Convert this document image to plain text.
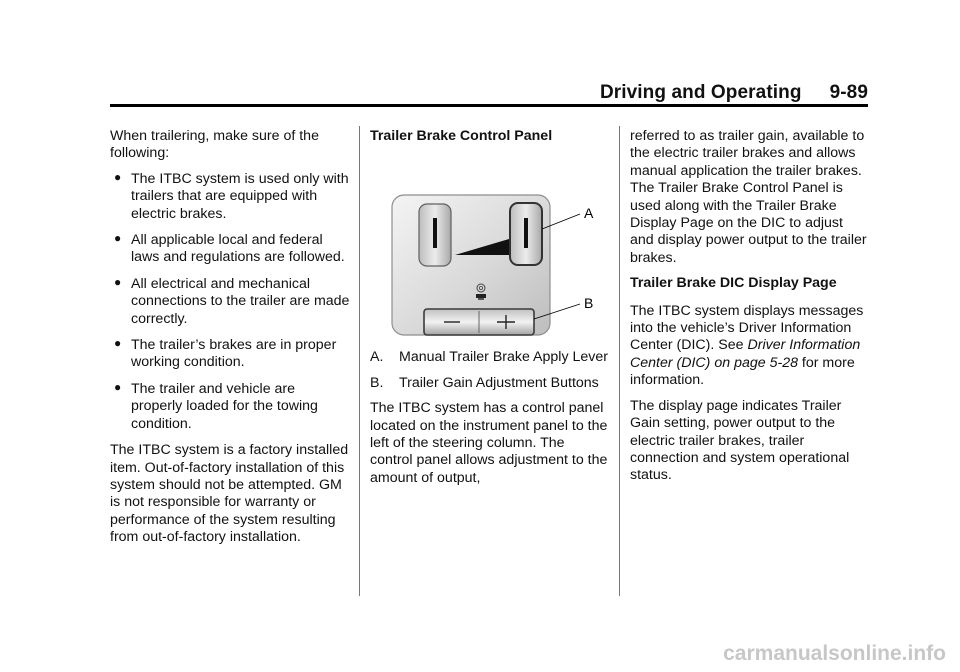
Driving and Operating 9-89

When trailering, make sure of the following:

● The ITBC system is used only with trailers that are equipped with electric brakes.
● All applicable local and federal laws and regulations are followed.
● All electrical and mechanical connections to the trailer are made correctly.
● The trailer’s brakes are in proper working condition.
● The trailer and vehicle are properly loaded for the towing condition.

The ITBC system is a factory installed item. Out-of-factory installation of this system should not be attempted. GM is not responsible for warranty or performance of the system resulting from out-of-factory installation.

Trailer Brake Control Panel
A
B
A. Manual Trailer Brake Apply Lever
B. Trailer Gain Adjustment Buttons

The ITBC system has a control panel located on the instrument panel to the left of the steering column. The control panel allows adjustment to the amount of output,

referred to as trailer gain, available to the electric trailer brakes and allows manual application the trailer brakes. The Trailer Brake Control Panel is used along with the Trailer Brake Display Page on the DIC to adjust and display power output to the trailer brakes.

Trailer Brake DIC Display Page

The ITBC system displays messages into the vehicle’s Driver Information Center (DIC). See Driver Information Center (DIC) on page 5-28 for more information.

The display page indicates Trailer Gain setting, power output to the electric trailer brakes, trailer connection and system operational status.

carmanualsonline.info
